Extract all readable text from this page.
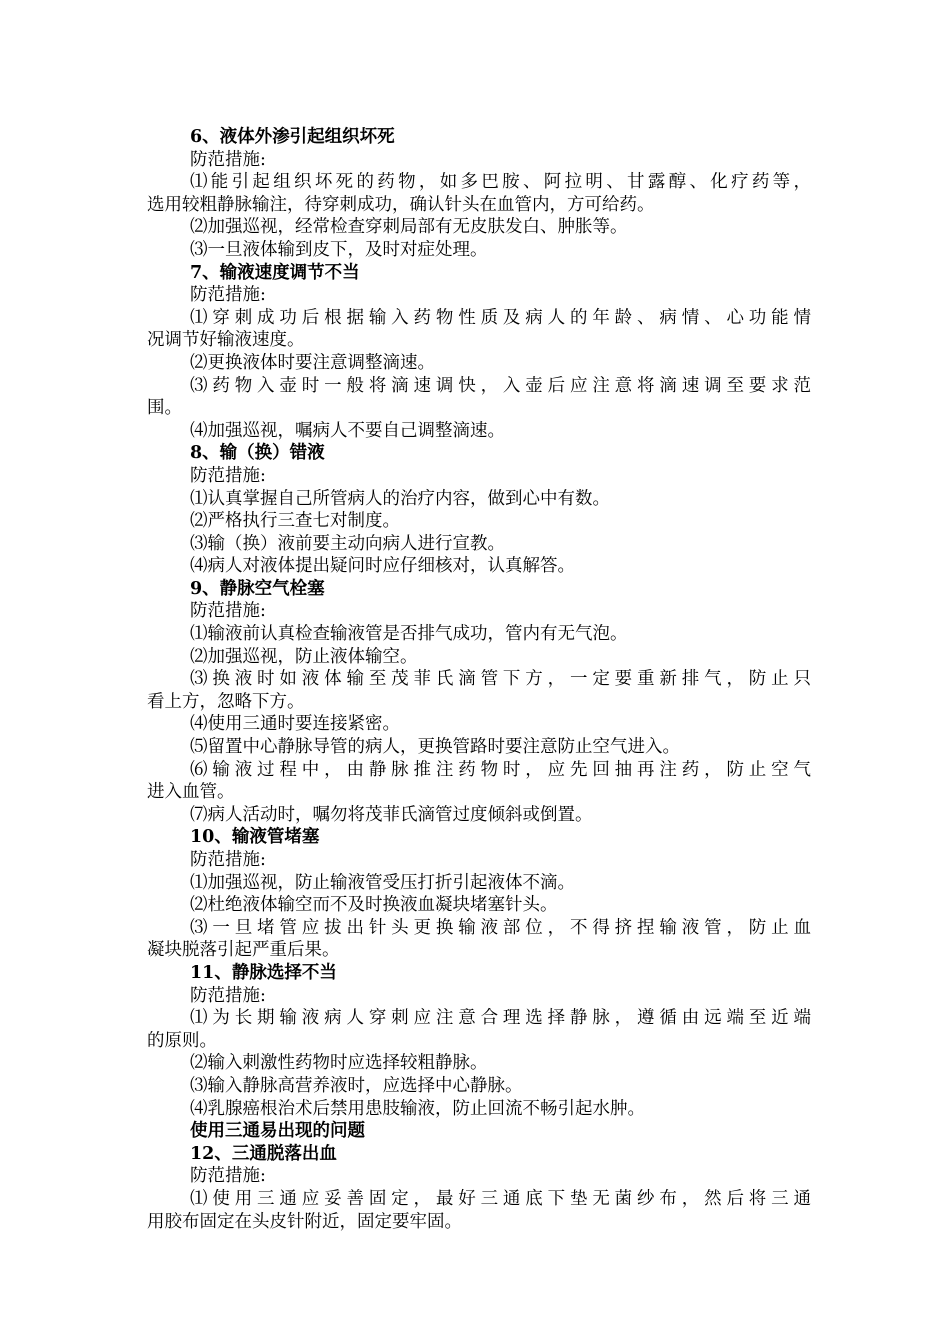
6、液体外渗引起组织坏死
防范措施:
⑴能引起组织坏死的药物，如多巴胺、阿拉明、甘露醇、化疗药等，
选用较粗静脉输注，待穿刺成功，确认针头在血管内，方可给药。
⑵加强巡视，经常检查穿刺局部有无皮肤发白、肿胀等。
⑶一旦液体输到皮下，及时对症处理。
7、输液速度调节不当
防范措施:
⑴穿刺成功后根据输入药物性质及病人的年龄、病情、心功能情
况调节好输液速度。
⑵更换液体时要注意调整滴速。
⑶药物入壶时一般将滴速调快，入壶后应注意将滴速调至要求范
围。
⑷加强巡视，嘱病人不要自己调整滴速。
8、输（换）错液
防范措施:
⑴认真掌握自己所管病人的治疗内容，做到心中有数。
⑵严格执行三查七对制度。
⑶输（换）液前要主动向病人进行宣教。
⑷病人对液体提出疑问时应仔细核对，认真解答。
9、静脉空气栓塞
防范措施:
⑴输液前认真检查输液管是否排气成功，管内有无气泡。
⑵加强巡视，防止液体输空。
⑶换液时如液体输至茂菲氏滴管下方，一定要重新排气，防止只
看上方，忽略下方。
⑷使用三通时要连接紧密。
⑸留置中心静脉导管的病人，更换管路时要注意防止空气进入。
⑹输液过程中，由静脉推注药物时，应先回抽再注药，防止空气
进入血管。
⑺病人活动时，嘱勿将茂菲氏滴管过度倾斜或倒置。
10、输液管堵塞
防范措施:
⑴加强巡视，防止输液管受压打折引起液体不滴。
⑵杜绝液体输空而不及时换液血凝块堵塞针头。
⑶一旦堵管应拔出针头更换输液部位，不得挤捏输液管，防止血
凝块脱落引起严重后果。
11、静脉选择不当
防范措施:
⑴为长期输液病人穿刺应注意合理选择静脉，遵循由远端至近端
的原则。
⑵输入刺激性药物时应选择较粗静脉。
⑶输入静脉高营养液时，应选择中心静脉。
⑷乳腺癌根治术后禁用患肢输液，防止回流不畅引起水肿。
使用三通易出现的问题
12、三通脱落出血
防范措施:
⑴使用三通应妥善固定，最好三通底下垫无菌纱布，然后将三通
用胶布固定在头皮针附近，固定要牢固。
